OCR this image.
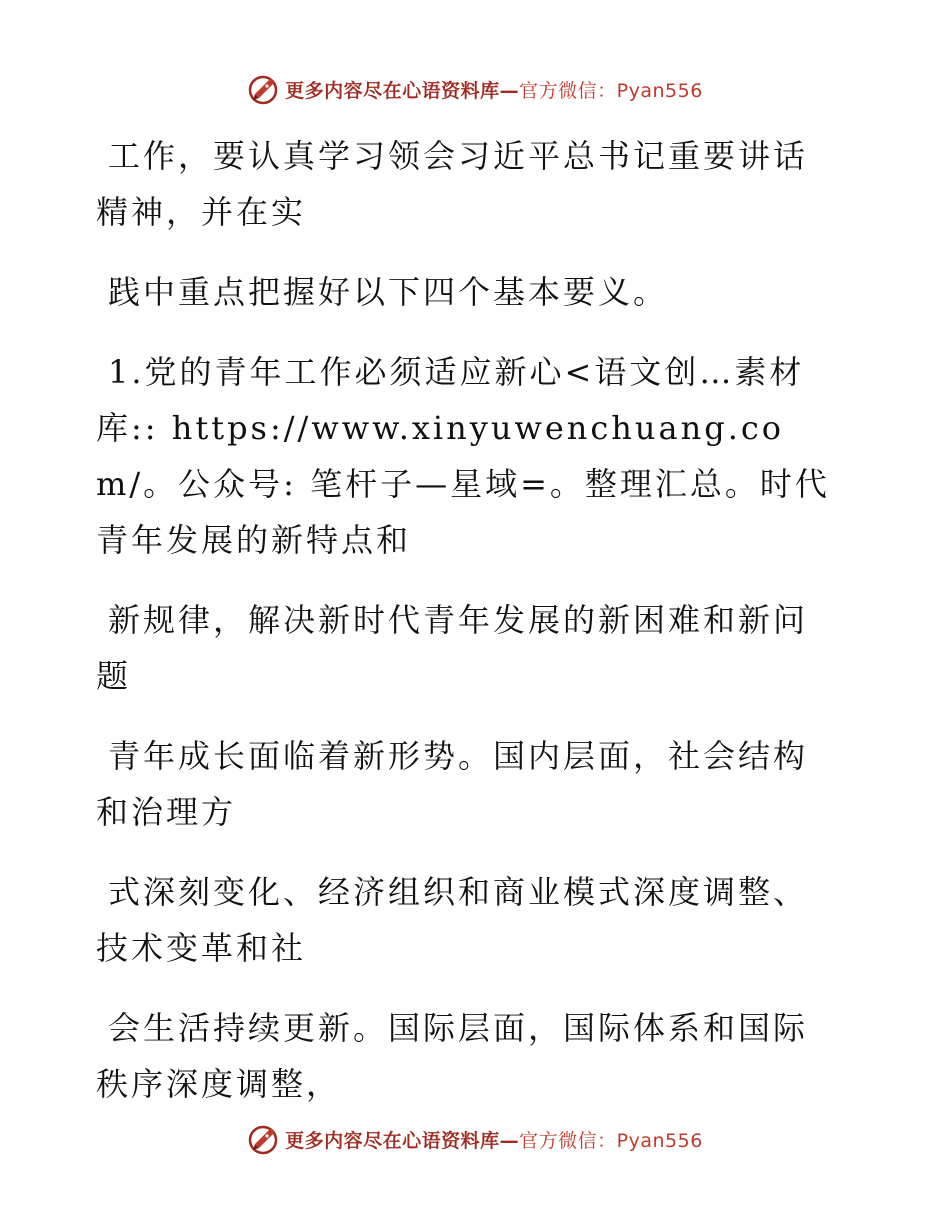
更多内容尽在心语资料库—官方微信：Pyan556

工作，要认真学习领会习近平总书记重要讲话精神，并在实

践中重点把握好以下四个基本要义。

1.党的青年工作必须适应新心<语文创…素材库:: https://www.xinyuwenchuang.com/。公众号: 笔杆子—星域=。整理汇总。时代青年发展的新特点和

新规律，解决新时代青年发展的新困难和新问题

青年成长面临着新形势。国内层面，社会结构和治理方

式深刻变化、经济组织和商业模式深度调整、技术变革和社

会生活持续更新。国际层面，国际体系和国际秩序深度调整，

更多内容尽在心语资料库—官方微信：Pyan556
